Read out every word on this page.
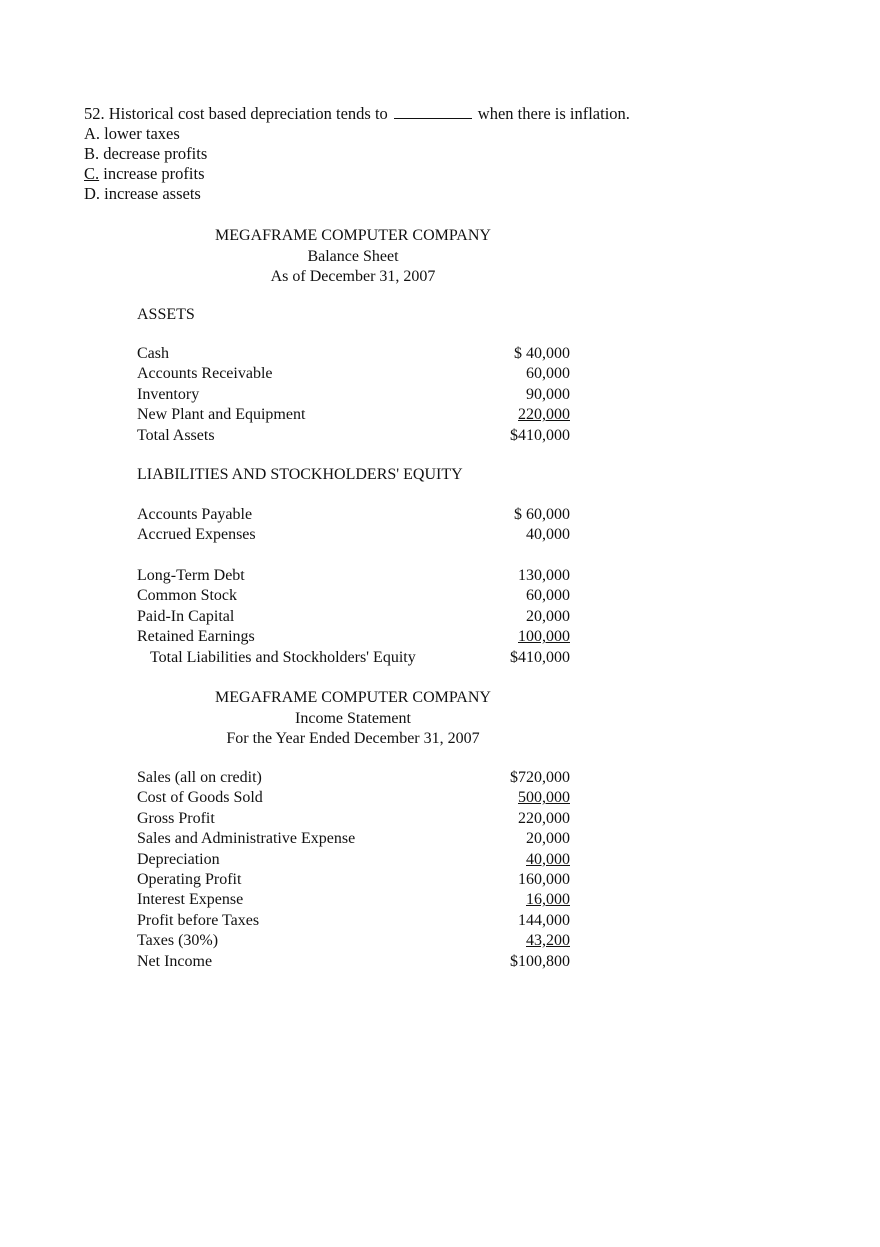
52. Historical cost based depreciation tends to	when there is inflation.
A. lower taxes
B. decrease profits
C. increase profits
D. increase assets
MEGAFRAME COMPUTER COMPANY
Balance Sheet
As of December 31, 2007
ASSETS
Cash	$ 40,000
Accounts Receivable	60,000
Inventory	90,000
New Plant and Equipment	220,000
Total Assets	$410,000
LIABILITIES AND STOCKHOLDERS' EQUITY
Accounts Payable	$ 60,000
Accrued Expenses	40,000
Long-Term Debt	130,000
Common Stock	60,000
Paid-In Capital	20,000
Retained Earnings	100,000
Total Liabilities and Stockholders' Equity	$410,000
MEGAFRAME COMPUTER COMPANY
Income Statement
For the Year Ended December 31, 2007
Sales (all on credit)	$720,000
Cost of Goods Sold	500,000
Gross Profit	220,000
Sales and Administrative Expense	20,000
Depreciation	40,000
Operating Profit	160,000
Interest Expense	16,000
Profit before Taxes	144,000
Taxes (30%)	43,200
Net Income	$100,800
